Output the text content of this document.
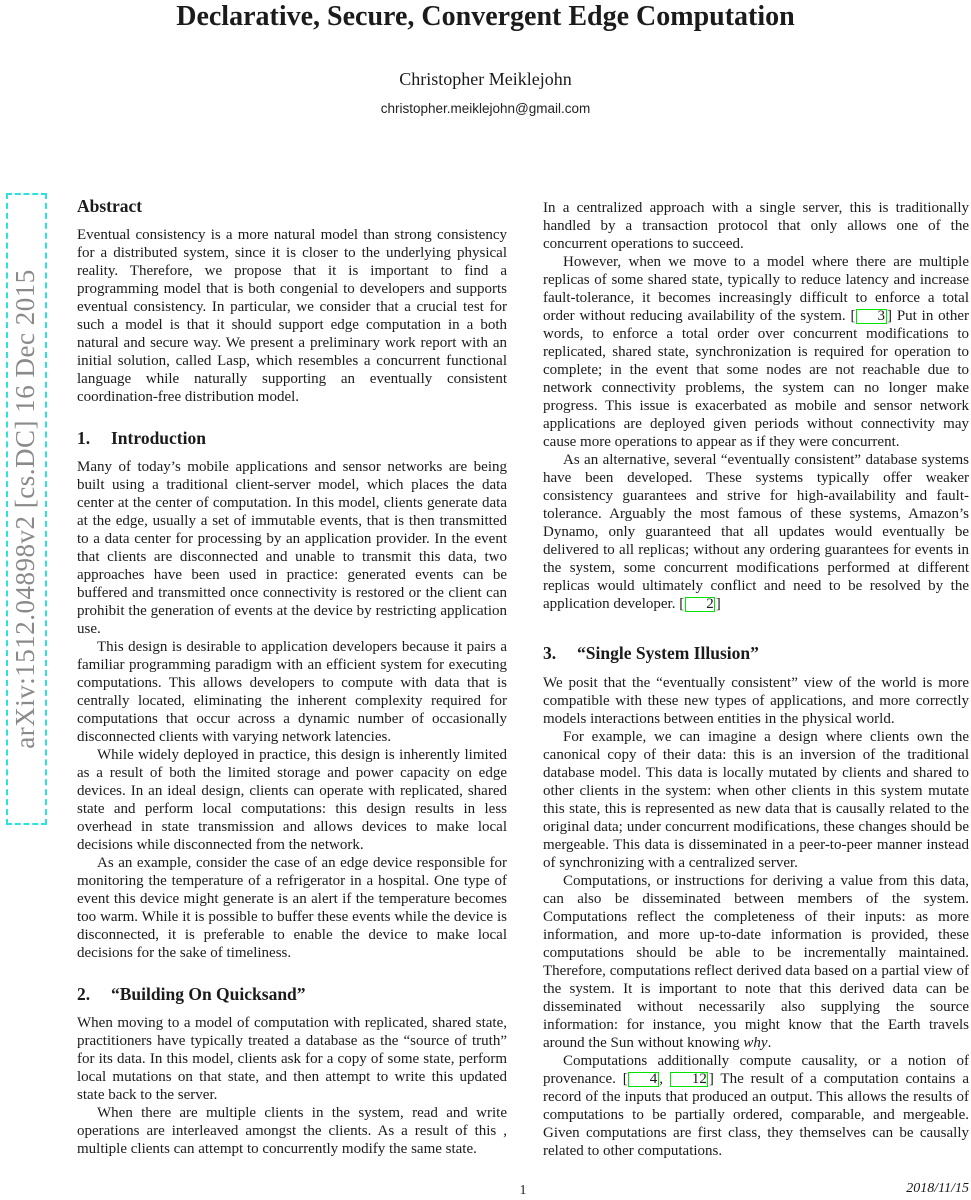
arXiv:1512.04898v2 [cs.DC] 16 Dec 2015
Declarative, Secure, Convergent Edge Computation
Christopher Meiklejohn
christopher.meiklejohn@gmail.com
Abstract

Eventual consistency is a more natural model than strong consistency for a distributed system, since it is closer to the underlying physical reality. Therefore, we propose that it is important to find a programming model that is both congenial to developers and supports eventual consistency. In particular, we consider that a crucial test for such a model is that it should support edge computation in a both natural and secure way. We present a preliminary work report with an initial solution, called Lasp, which resembles a concurrent functional language while naturally supporting an eventually consistent coordination-free distribution model.

1. Introduction

Many of today’s mobile applications and sensor networks are being built using a traditional client-server model, which places the data center at the center of computation. In this model, clients generate data at the edge, usually a set of immutable events, that is then transmitted to a data center for processing by an application provider. In the event that clients are disconnected and unable to transmit this data, two approaches have been used in practice: generated events can be buffered and transmitted once connectivity is restored or the client can prohibit the generation of events at the device by restricting application use.

This design is desirable to application developers because it pairs a familiar programming paradigm with an efficient system for executing computations. This allows developers to compute with data that is centrally located, eliminating the inherent complexity required for computations that occur across a dynamic number of occasionally disconnected clients with varying network latencies.

While widely deployed in practice, this design is inherently limited as a result of both the limited storage and power capacity on edge devices. In an ideal design, clients can operate with replicated, shared state and perform local computations: this design results in less overhead in state transmission and allows devices to make local decisions while disconnected from the network.

As an example, consider the case of an edge device responsible for monitoring the temperature of a refrigerator in a hospital. One type of event this device might generate is an alert if the temperature becomes too warm. While it is possible to buffer these events while the device is disconnected, it is preferable to enable the device to make local decisions for the sake of timeliness.

2. “Building On Quicksand”

When moving to a model of computation with replicated, shared state, practitioners have typically treated a database as the “source of truth” for its data. In this model, clients ask for a copy of some state, perform local mutations on that state, and then attempt to write this updated state back to the server.

When there are multiple clients in the system, read and write operations are interleaved amongst the clients. As a result of this , multiple clients can attempt to concurrently modify the same state.

In a centralized approach with a single server, this is traditionally handled by a transaction protocol that only allows one of the concurrent operations to succeed.

However, when we move to a model where there are multiple replicas of some shared state, typically to reduce latency and increase fault-tolerance, it becomes increasingly difficult to enforce a total order without reducing availability of the system. [ 3 ] Put in other words, to enforce a total order over concurrent modifications to replicated, shared state, synchronization is required for operation to complete; in the event that some nodes are not reachable due to network connectivity problems, the system can no longer make progress. This issue is exacerbated as mobile and sensor network applications are deployed given periods without connectivity may cause more operations to appear as if they were concurrent.

As an alternative, several “eventually consistent” database systems have been developed. These systems typically offer weaker consistency guarantees and strive for high-availability and fault-tolerance. Arguably the most famous of these systems, Amazon’s Dynamo, only guaranteed that all updates would eventually be delivered to all replicas; without any ordering guarantees for events in the system, some concurrent modifications performed at different replicas would ultimately conflict and need to be resolved by the application developer. [ 2 ]

3. “Single System Illusion”

We posit that the “eventually consistent” view of the world is more compatible with these new types of applications, and more correctly models interactions between entities in the physical world.

For example, we can imagine a design where clients own the canonical copy of their data: this is an inversion of the traditional database model. This data is locally mutated by clients and shared to other clients in the system: when other clients in this system mutate this state, this is represented as new data that is causally related to the original data; under concurrent modifications, these changes should be mergeable. This data is disseminated in a peer-to-peer manner instead of synchronizing with a centralized server.

Computations, or instructions for deriving a value from this data, can also be disseminated between members of the system. Computations reflect the completeness of their inputs: as more information, and more up-to-date information is provided, these computations should be able to be incrementally maintained. Therefore, computations reflect derived data based on a partial view of the system. It is important to note that this derived data can be disseminated without necessarily also supplying the source information: for instance, you might know that the Earth travels around the Sun without knowing why.

Computations additionally compute causality, or a notion of provenance. [ 4 , 12 ] The result of a computation contains a record of the inputs that produced an output. This allows the results of computations to be partially ordered, comparable, and mergeable. Given computations are first class, they themselves can be causally related to other computations.

2018/11/15
1
